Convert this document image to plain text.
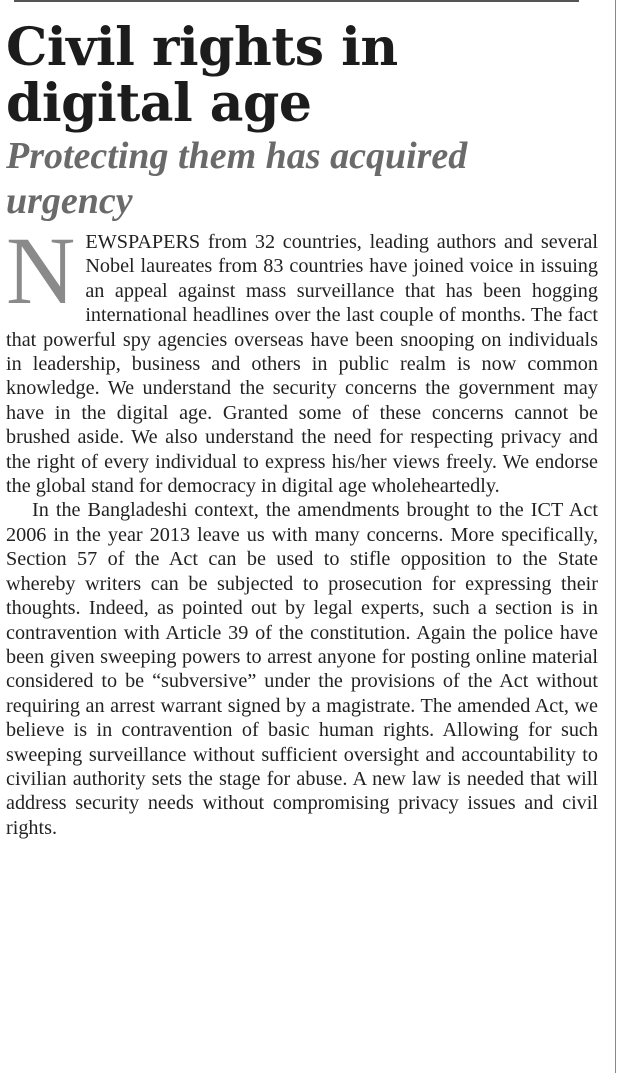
Civil rights in digital age
Protecting them has acquired urgency

NEWSPAPERS from 32 countries, leading authors and several Nobel laureates from 83 countries have joined voice in issuing an appeal against mass surveillance that has been hogging international headlines over the last couple of months. The fact that powerful spy agencies overseas have been snooping on individuals in leadership, business and others in public realm is now common knowledge. We understand the security concerns the government may have in the digital age. Granted some of these concerns cannot be brushed aside. We also understand the need for respecting privacy and the right of every individual to express his/her views freely. We endorse the global stand for democracy in digital age wholeheartedly.

In the Bangladeshi context, the amendments brought to the ICT Act 2006 in the year 2013 leave us with many concerns. More specifically, Section 57 of the Act can be used to stifle opposition to the State whereby writers can be subjected to prosecution for expressing their thoughts. Indeed, as pointed out by legal experts, such a section is in contravention with Article 39 of the constitution. Again the police have been given sweeping powers to arrest anyone for posting online material considered to be “subversive” under the provisions of the Act without requiring an arrest warrant signed by a magistrate. The amended Act, we believe is in contravention of basic human rights. Allowing for such sweeping surveillance without sufficient oversight and accountability to civilian authority sets the stage for abuse. A new law is needed that will address security needs without compromising privacy issues and civil rights.
